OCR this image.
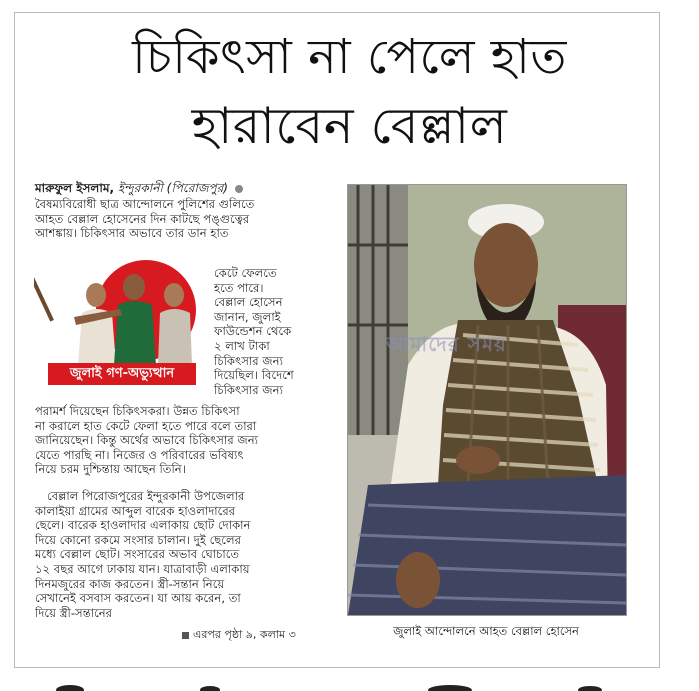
চিকিৎসা না পেলে হাত
হারাবেন বেল্লাল
মারুফুল ইসলাম, ইন্দুরকানী (পিরোজপুর)
বৈষম্যবিরোধী ছাত্র আন্দোলনে পুলিশের গুলিতে
আহত বেল্লাল হোসেনের দিন কাটছে পঙ্গুত্বের
আশঙ্কায়। চিকিৎসার অভাবে তার ডান হাত
জুলাই গণ-অভ্যুত্থান
কেটে ফেলতে
হতে পারে।
বেল্লাল হোসেন
জানান, জুলাই
ফাউন্ডেশন থেকে
২ লাখ টাকা
চিকিৎসার জন্য
দিয়েছিল। বিদেশে
চিকিৎসার জন্য
পরামর্শ দিয়েছেন চিকিৎসকরা। উন্নত চিকিৎসা
না করালে হাত কেটে ফেলা হতে পারে বলে তারা
জানিয়েছেন। কিন্তু অর্থের অভাবে চিকিৎসার জন্য
যেতে পারছি না। নিজের ও পরিবারের ভবিষ্যৎ
নিয়ে চরম দুশ্চিন্তায় আছেন তিনি।
বেল্লাল পিরোজপুরের ইন্দুরকানী উপজেলার
কালাইয়া গ্রামের আব্দুল বারেক হাওলাদারের
ছেলে। বারেক হাওলাদার এলাকায় ছোট দোকান
দিয়ে কোনো রকমে সংসার চালান। দুই ছেলের
মধ্যে বেল্লাল ছোট। সংসারের অভাব ঘোচাতে
১২ বছর আগে ঢাকায় যান। যাত্রাবাড়ী এলাকায়
দিনমজুরের কাজ করতেন। স্ত্রী-সন্তান নিয়ে
সেখানেই বসবাস করতেন। যা আয় করেন, তা
দিয়ে স্ত্রী-সন্তানের
এরপর পৃষ্ঠা ৯, কলাম ৩
আমাদের সময়
জুলাই আন্দোলনে আহত বেল্লাল হোসেন
